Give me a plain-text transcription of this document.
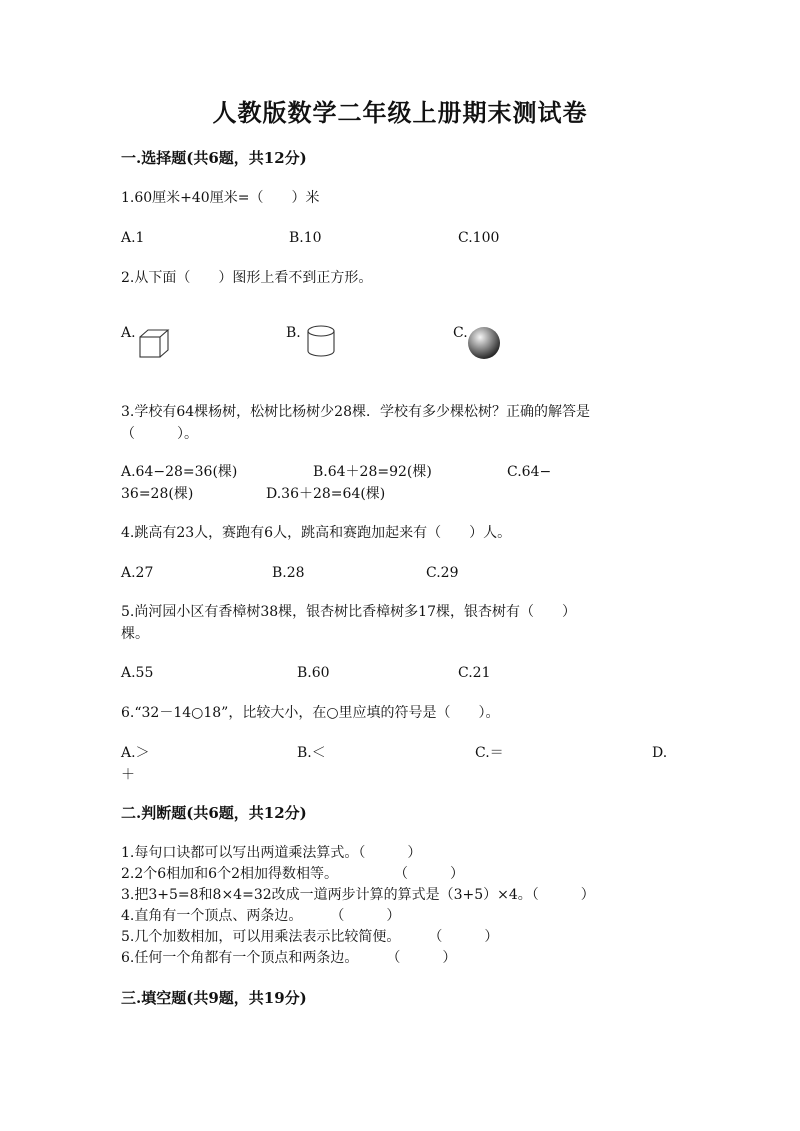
人教版数学二年级上册期末测试卷
一.选择题(共6题，共12分)
1.60厘米+40厘米=（　　）米
A.1	B.10	C.100
2.从下面（　　）图形上看不到正方形。
A.	B.	C.
3.学校有64棵杨树，松树比杨树少28棵．学校有多少棵松树？正确的解答是
（　　　）。
A.64−28=36(棵)	B.64＋28=92(棵)	C.64−
36=28(棵)	D.36＋28=64(棵)
4.跳高有23人，赛跑有6人，跳高和赛跑加起来有（　　）人。
A.27	B.28	C.29
5.尚河园小区有香樟树38棵，银杏树比香樟树多17棵，银杏树有（　　）
棵。
A.55	B.60	C.21
6.“32－14○18”，比较大小，在○里应填的符号是（　　）。
A.＞	B.＜	C.＝	D.
＋
二.判断题(共6题，共12分)
1.每句口诀都可以写出两道乘法算式。（　　　）
2.2个6相加和6个2相加得数相等。　　　　　（　　　）
3.把3+5=8和8×4=32改成一道两步计算的算式是（3+5）×4。（　　　）
4.直角有一个顶点、两条边。　　　（　　　）
5.几个加数相加，可以用乘法表示比较简便。　　　（　　　）
6.任何一个角都有一个顶点和两条边。　　　（　　　）
三.填空题(共9题，共19分)
